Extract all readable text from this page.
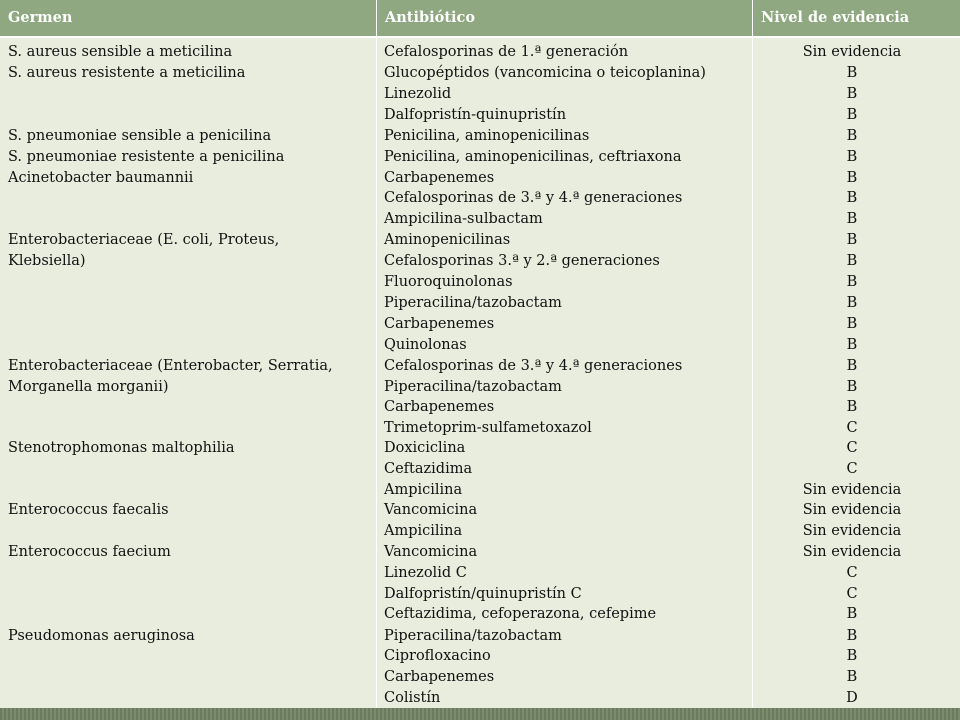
Germen	Antibiótico	Nivel de evidencia
S. aureus sensible a meticilina
S. aureus resistente a meticilina
S. pneumoniae sensible a penicilina
S. pneumoniae resistente a penicilina
Acinetobacter baumannii
Enterobacteriaceae (E. coli, Proteus,
Klebsiella)
Enterobacteriaceae (Enterobacter, Serratia,
Morganella morganii)
Stenotrophomonas maltophilia
Enterococcus faecalis
Enterococcus faecium
Pseudomonas aeruginosa
Cefalosporinas de 1.ª generación
Glucopéptidos (vancomicina o teicoplanina)
Linezolid
Dalfopristín-quinupristín
Penicilina, aminopenicilinas
Penicilina, aminopenicilinas, ceftriaxona
Carbapenemes
Cefalosporinas de 3.ª y 4.ª generaciones
Ampicilina-sulbactam
Aminopenicilinas
Cefalosporinas 3.ª y 2.ª generaciones
Fluoroquinolonas
Piperacilina/tazobactam
Carbapenemes
Quinolonas
Cefalosporinas de 3.ª y 4.ª generaciones
Piperacilina/tazobactam
Carbapenemes
Trimetoprim-sulfametoxazol
Doxiciclina
Ceftazidima
Ampicilina
Vancomicina
Ampicilina
Vancomicina
Linezolid C
Dalfopristín/quinupristín C
Ceftazidima, cefoperazona, cefepime
Piperacilina/tazobactam
Ciprofloxacino
Carbapenemes
Colistín
Sin evidencia
B
B
B
B
B
B
B
B
B
B
B
B
B
B
B
B
B
C
C
C
Sin evidencia
Sin evidencia
Sin evidencia
Sin evidencia
C
C
B
B
B
B
D
